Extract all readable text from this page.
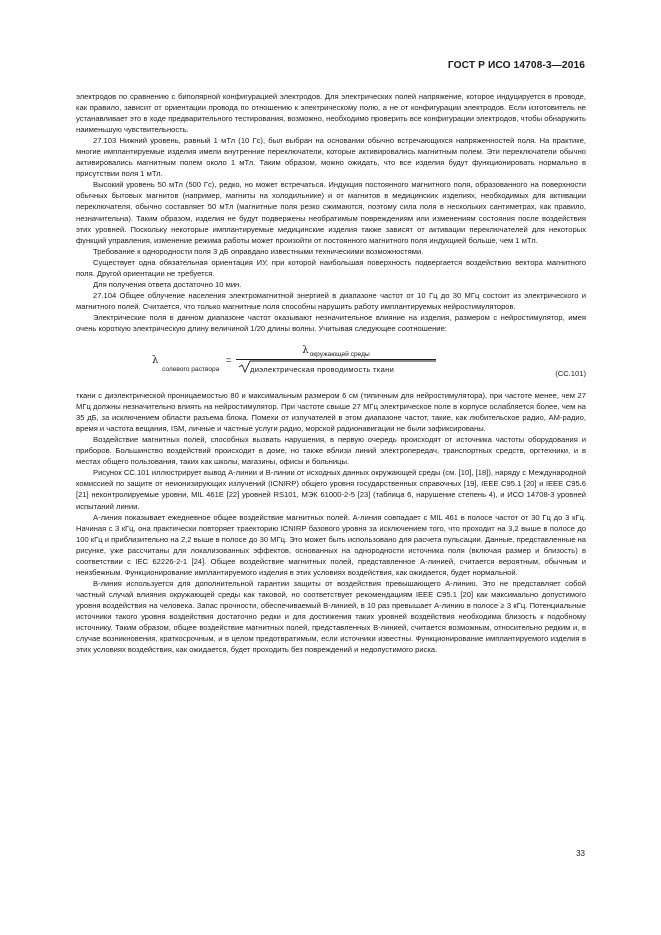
ГОСТ Р ИСО 14708-3—2016

электродов по сравнению с биполярной конфигурацией электродов. Для электрических полей напряжение, которое индуцируется в проводе, как правило, зависит от ориентации провода по отношению к электрическому полю, а не от конфигурации электродов. Если изготовитель не устанавливает это в ходе предварительного тестирования, возможно, необходимо проверить все конфигурации электродов, чтобы обнаружить наименьшую чувствительность.

27.103 Нижний уровень, равный 1 мТл (10 Гс), был выбран на основании обычно встречающихся напряженностей поля. На практике, многие имплантируемые изделия имели внутренние переключатели, которые активировались магнитным полем. Эти переключатели обычно активировались магнитным полем около 1 мТл. Таким образом, можно ожидать, что все изделия будут функционировать нормально в присутствии поля 1 мТл.

Высокий уровень 50 мТл (500 Гс), редко, но может встречаться. Индукция постоянного магнитного поля, образованного на поверхности обычных бытовых магнитов (например, магниты на холодильнике) и от магнитов в медицинских изделиях, необходимых для активации переключателя, обычно составляет 50 мТл (магнитные поля резко сжимаются, поэтому сила поля в нескольких сантиметрах, как правило, незначительна). Таким образом, изделия не будут подвержены необратимым повреждениям или изменениям состояния после воздействия этих уровней. Поскольку некоторые имплантируемые медицинские изделия также зависят от активации переключателей для некоторых функций управления, изменение режима работы может произойти от постоянного магнитного поля индукцией больше, чем 1 мТл.

Требование к однородности поля 3 дБ оправдано известными техническими возможностями.

Существует одна обязательная ориентация ИУ, при которой наибольшая поверхность подвергается воздействию вектора магнитного поля. Другой ориентации не требуется.

Для получения ответа достаточно 10 мин.

27.104 Общее облучение населения электромагнитной энергией в диапазоне частот от 10 Гц до 30 МГц состоит из электрического и магнитного полей. Считается, что только магнитные поля способны нарушить работу имплантируемых нейростимуляторов.

Электрические поля в данном диапазоне частот оказывают незначительное влияние на изделия, размером с нейростимулятор, имея очень короткую электрическую длину величиной 1/20 длины волны. Учитывая следующее соотношение:

λ
солевого раствора
=
λокружающей среды
диэлектрическая проводимость ткани	(СС.101)

ткани с диэлектрической проницаемостью 80 и максимальным размером 6 см (типичным для нейростимулятора), при частоте менее, чем 27 МГц должны незначительно влиять на нейростимулятор. При частоте свыше 27 МГц электрическое поле в корпусе ослабляется более, чем на 35 дБ, за исключением области разъема блока. Помехи от излучателей в этом диапазоне частот, такие, как любительское радио, АМ-радио, время и частота вещания, ISM, личные и частные услуги радио, морской радионавигации не были зафиксированы.

Воздействие магнитных полей, способных вызвать нарушения, в первую очередь происходят от источника частоты оборудования и приборов. Большинство воздействий происходит в доме, но также вблизи линий электропередач, транспортных средств, оргтехники, и в местах общего пользования, таких как школы, магазины, офисы и больницы.

Рисунок СС.101 иллюстрирует вывод А-линии и В-линии от исходных данных окружающей среды (см. [10], [18]), наряду с Международной комиссией по защите от неионизирующих излучений (ICNIRP) общего уровня государственных справочных [19], IEEE C95.1 [20] и IEEE C95.6 [21] неконтролируемые уровни, MIL 461E [22] уровней RS101, МЭК 61000-2-5 [23] (таблица 6, нарушение степень 4), и ИСО 14708-3 уровней испытаний линии.

А-линия показывает ежедневное общее воздействие магнитных полей. А-линия совпадает с MIL 461 в полосе частот от 30 Гц до 3 кГц. Начиная с 3 кГц, она практически повторяет траекторию ICNIRP базового уровня за исключением того, что проходит на 3,2 выше в полосе до 100 кГц и приблизительно на 2,2 выше в полосе до 30 МГц. Это может быть использовано для расчета пульсации. Данные, представленные на рисунке, уже рассчитаны для локализованных эффектов, основанных на однородности источника поля (включая размер и близость) в соответствии с IEC 62226-2-1 [24]. Общее воздействие магнитных полей, представленное А-линией, считается вероятным, обычным и неизбежным. Функционирование имплантируемого изделия в этих условиях воздействия, как ожидается, будет нормальной.

В-линия используется для дополнительной гарантии защиты от воздействия превышающего А-линию. Это не представляет собой частный случай влияния окружающей среды как таковой, но соответствует рекомендациям IEEE C95.1 [20] как максимально допустимого уровня воздействия на человека. Запас прочности, обеспечиваемый В-линией, в 10 раз превышает А-линию в полосе ≥ 3 кГц. Потенциальные источники такого уровня воздействия достаточно редки и для достижения таких уровней воздействия необходима близость к подобному источнику. Таким образом, общее воздействие магнитных полей, представленных В-линией, считается возможным, относительно редким и, в случае возникновения, краткосрочным, и в целом предотвратимым, если источники известны. Функционирование имплантируемого изделия в этих условиях воздействия, как ожидается, будет проходить без повреждений и недопустимого риска.

33
